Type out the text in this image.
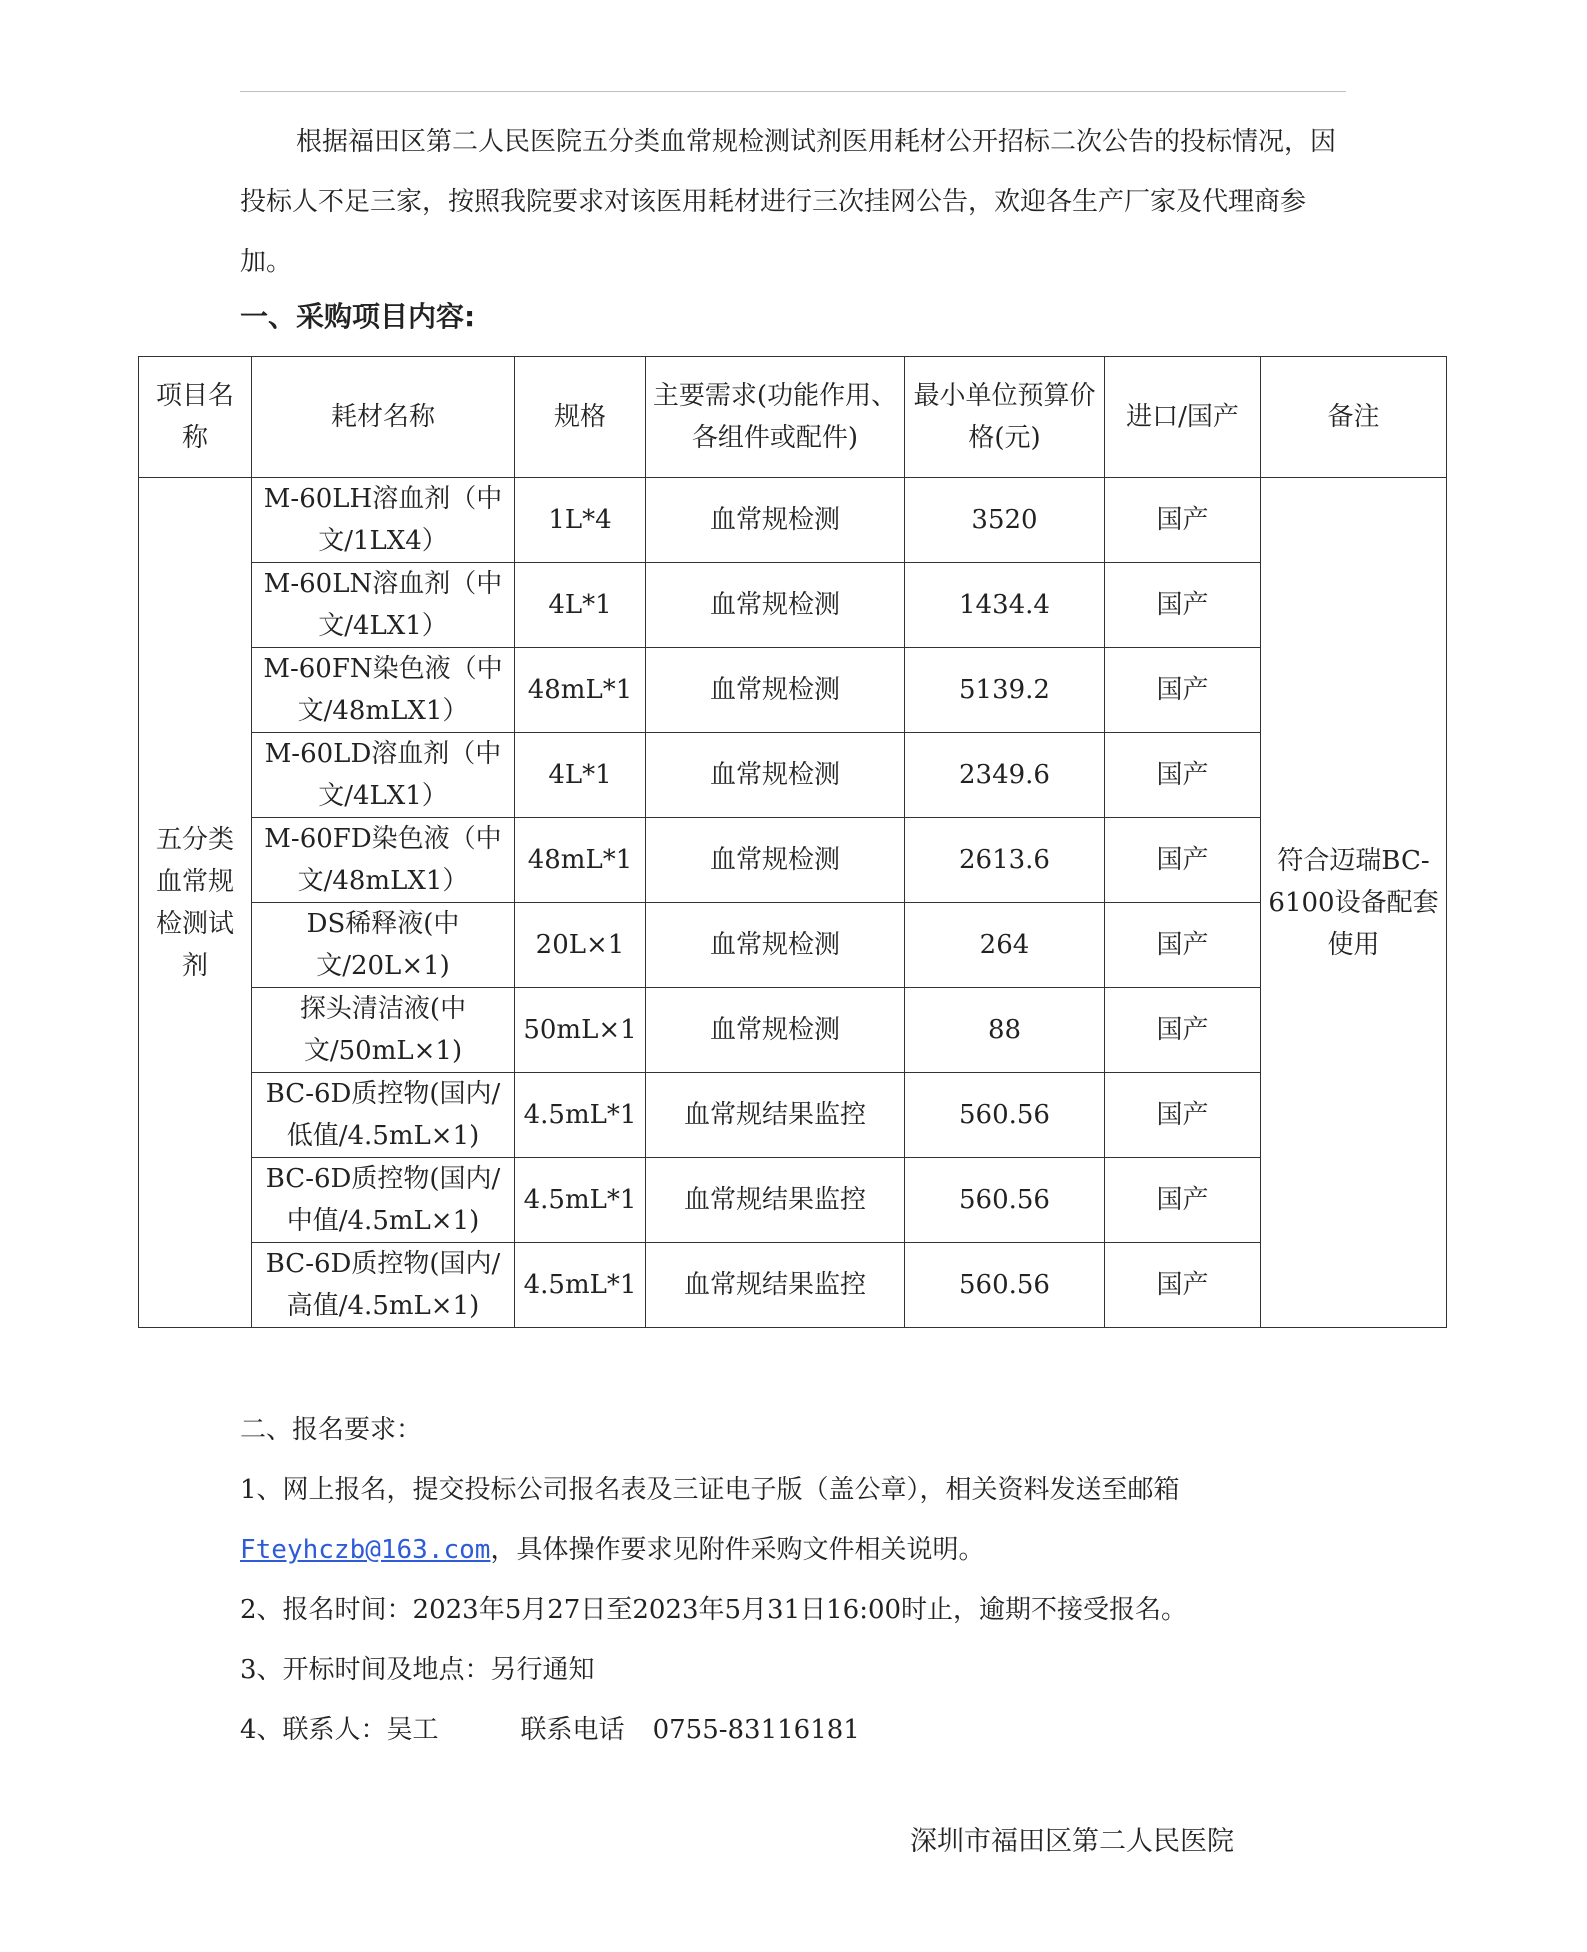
根据福田区第二人民医院五分类血常规检测试剂医用耗材公开招标二次公告的投标情况，因投标人不足三家，按照我院要求对该医用耗材进行三次挂网公告，欢迎各生产厂家及代理商参加。

一、采购项目内容:

项目名称	耗材名称	规格	主要需求(功能作用、各组件或配件)	最小单位预算价格(元)	进口/国产	备注
五分类血常规检测试剂	M-60LH溶血剂（中文/1LX4）	1L*4	血常规检测	3520	国产	符合迈瑞BC-6100设备配套使用
	M-60LN溶血剂（中文/4LX1）	4L*1	血常规检测	1434.4	国产	
	M-60FN染色液（中文/48mLX1）	48mL*1	血常规检测	5139.2	国产	
	M-60LD溶血剂（中文/4LX1）	4L*1	血常规检测	2349.6	国产	
	M-60FD染色液（中文/48mLX1）	48mL*1	血常规检测	2613.6	国产	
	DS稀释液(中文/20L×1)	20L×1	血常规检测	264	国产	
	探头清洁液(中文/50mL×1)	50mL×1	血常规检测	88	国产	
	BC-6D质控物(国内/低值/4.5mL×1)	4.5mL*1	血常规结果监控	560.56	国产	
	BC-6D质控物(国内/中值/4.5mL×1)	4.5mL*1	血常规结果监控	560.56	国产	
	BC-6D质控物(国内/高值/4.5mL×1)	4.5mL*1	血常规结果监控	560.56	国产	

二、报名要求：

1、网上报名，提交投标公司报名表及三证电子版（盖公章），相关资料发送至邮箱

Fteyhczb@163.com，具体操作要求见附件采购文件相关说明。

2、报名时间：2023年5月27日至2023年5月31日16:00时止，逾期不接受报名。

3、开标时间及地点：另行通知

4、联系人：吴工	联系电话 0755-83116181

深圳市福田区第二人民医院
